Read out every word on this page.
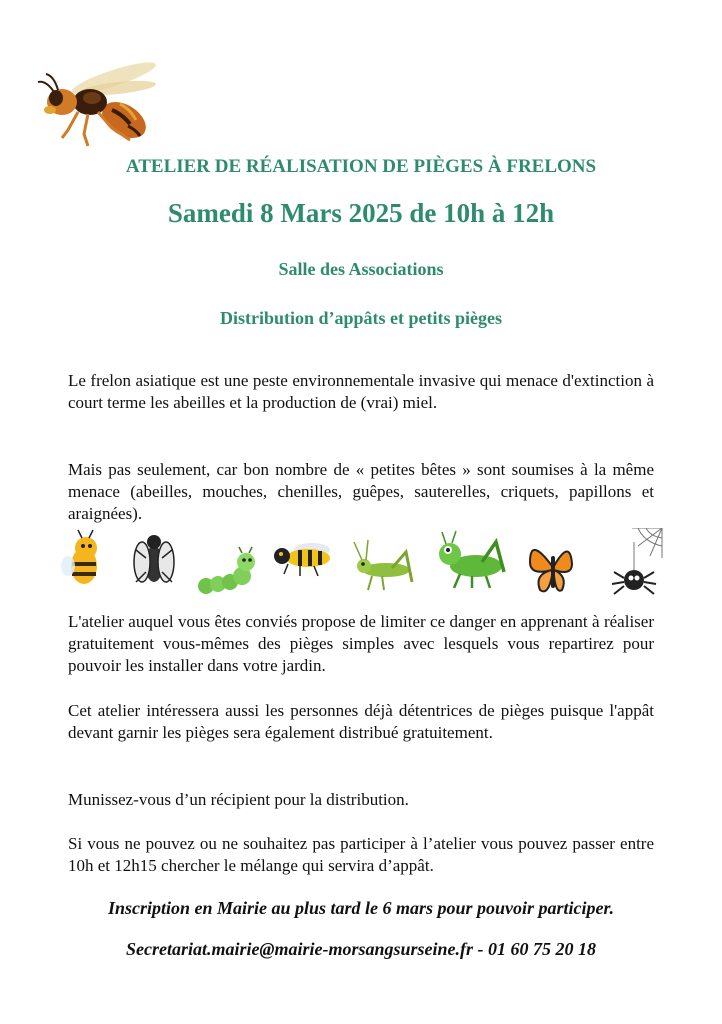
ATELIER DE RÉALISATION DE PIÈGES À FRELONS
Samedi 8 Mars 2025 de 10h à 12h
Salle des Associations
Distribution d’appâts et petits pièges
Le frelon asiatique est une peste environnementale invasive qui menace d'extinction à court terme les abeilles et la production de (vrai) miel.
Mais pas seulement, car bon nombre de « petites bêtes » sont soumises à la même menace (abeilles, mouches, chenilles, guêpes, sauterelles, criquets, papillons et araignées).
L'atelier auquel vous êtes conviés propose de limiter ce danger en apprenant à réaliser gratuitement vous-mêmes des pièges simples avec lesquels vous repartirez pour pouvoir les installer dans votre jardin.
Cet atelier intéressera aussi les personnes déjà détentrices de pièges puisque l'appât devant garnir les pièges sera également distribué gratuitement.
Munissez-vous d’un récipient pour la distribution.
Si vous ne pouvez ou ne souhaitez pas participer à l’atelier vous pouvez passer entre 10h et 12h15 chercher le mélange qui servira d’appât.
Inscription en Mairie au plus tard le 6 mars pour pouvoir participer.
Secretariat.mairie@mairie-morsangsurseine.fr - 01 60 75 20 18
